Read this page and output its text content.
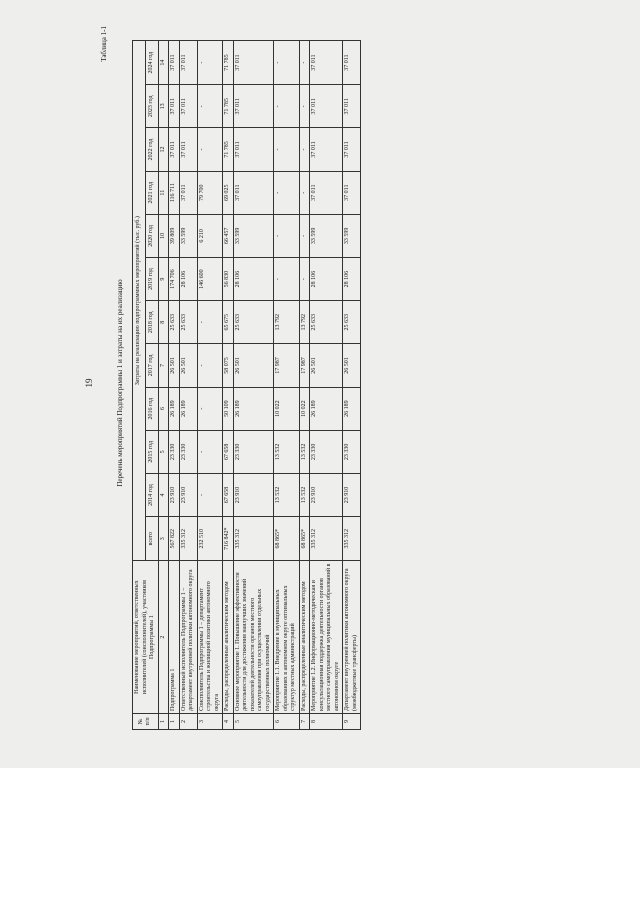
19
Таблица 1-1
Перечень мероприятий Подпрограммы 1 и затраты на их реализацию
№ п/п	Наименование мероприятий, ответственных исполнителей (соисполнителей), участников Подпрограммы 1	Затраты на реализацию подпрограммных мероприятий (тыс. руб.)											
		всего	2014 год	2015 год	2016 год	2017 год	2018 год	2019 год	2020 год	2021 год	2022 год	2023 год	2024 год
1	2	3	4	5	6	7	8	9	10	11	12	13	14
1	Подпрограмма 1	567 822	23 910	23 330	26 189	26 501	25 633	174 706	39 809	116 711	37 011	37 011	37 011
2	Ответственный исполнитель Подпрограммы 1 – департамент внутренней политики автономного округа	335 312	23 910	23 330	26 189	26 501	25 633	28 106	33 599	37 011	37 011	37 011	37 011
3	Соисполнитель Подпрограммы 1 – департамент строительства и жилищной политики автономного округа	232 510	-	-	-	-	-	146 600	6 210	79 700	-	-	-
4	Расходы, распределенные аналитическим методом	716 842*	67 658	67 658	50 109	58 075	65 675	56 830	66 457	69 025	71 785	71 785	71 785
5	Основное мероприятие 1. Повышение эффективности деятельности для достижения наилучших значений показателей деятельности органов местного самоуправления при осуществлении отдельных государственных полномочий	335 312	23 910	23 330	26 189	26 501	25 633	28 106	33 599	37 011	37 011	37 011	37 011
6	Мероприятие 1.1. Внедрение в муниципальных образованиях в автономном округе оптимальных структур местных администраций	68 865*	13 532	13 532	10 022	17 987	13 792	-	-	-	-	-	-
7	Расходы, распределенные аналитическим методом	68 865*	13 532	13 532	10 022	17 987	13 792	-	-	-	-	-	-
8	Мероприятие 1.2. Информационно-методическая и консультационная поддержка деятельности органов местного самоуправления муниципальных образований в автономном округе	335 312	23 910	23 330	26 189	26 501	25 633	28 106	33 599	37 011	37 011	37 011	37 011
9	Департамент внутренней политики автономного округа (межбюджетные трансферты)	335 312	23 910	23 330	26 189	26 501	25 633	28 106	33 599	37 011	37 011	37 011	37 011
